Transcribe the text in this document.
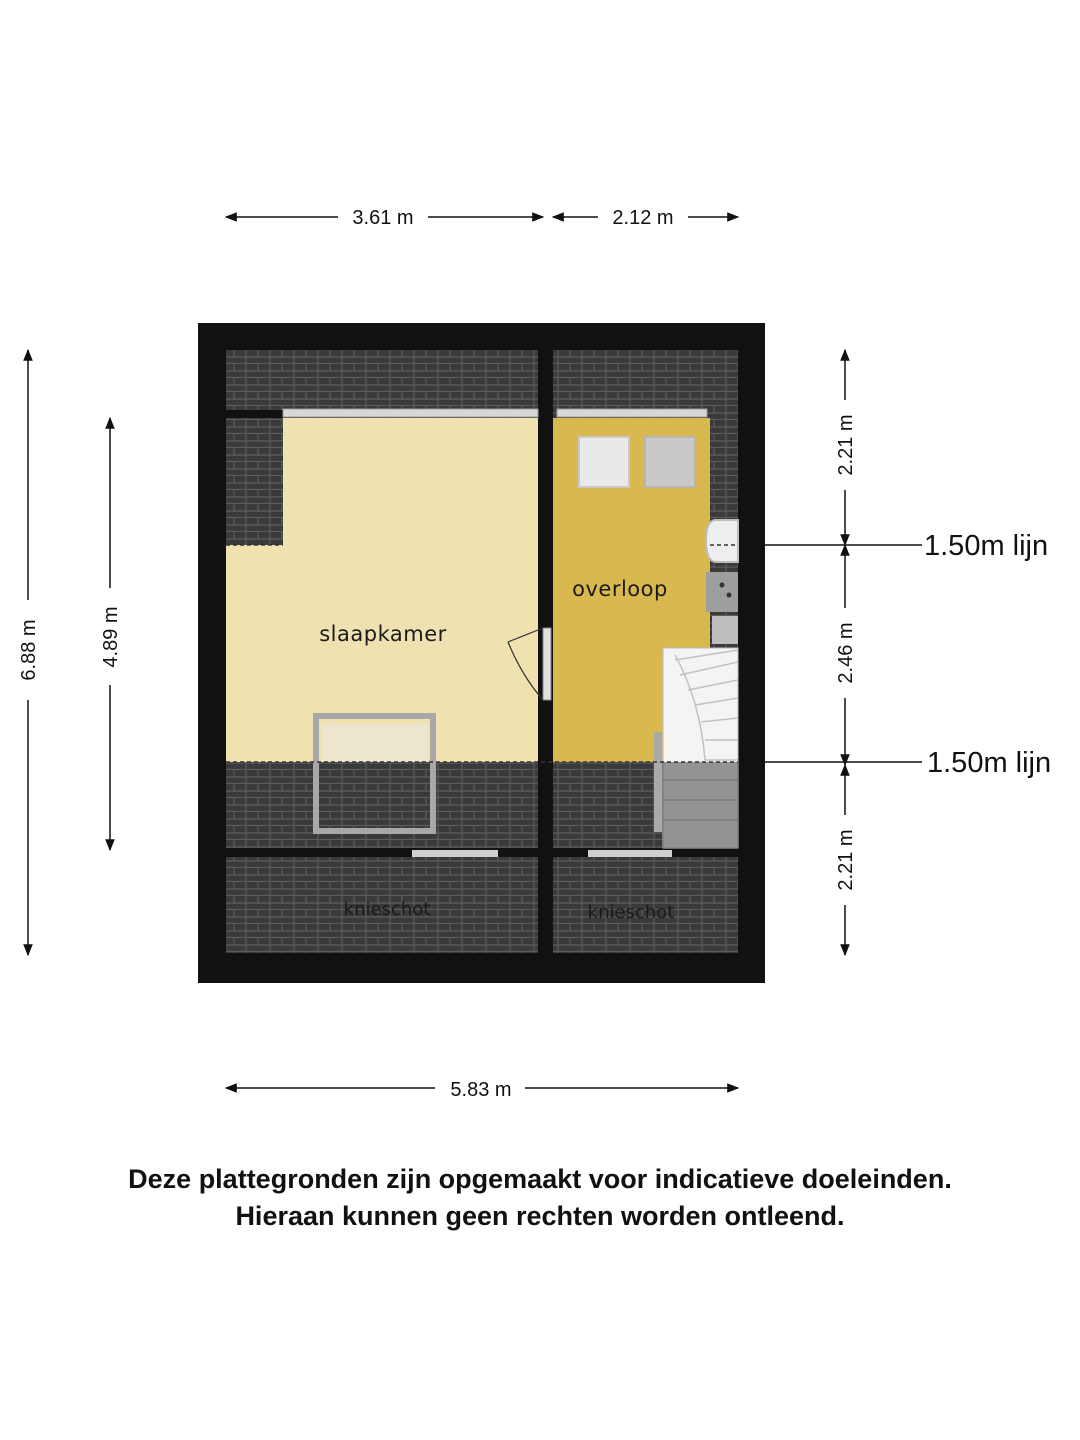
3.61 m	2.12 m
6.88 m	4.89 m
2.21 m
2.46 m
2.21 m
5.83 m
1.50m lijn
1.50m lijn
slaapkamer
overloop
knieschot	knieschot
Deze plattegronden zijn opgemaakt voor indicatieve doeleinden.
Hieraan kunnen geen rechten worden ontleend.
